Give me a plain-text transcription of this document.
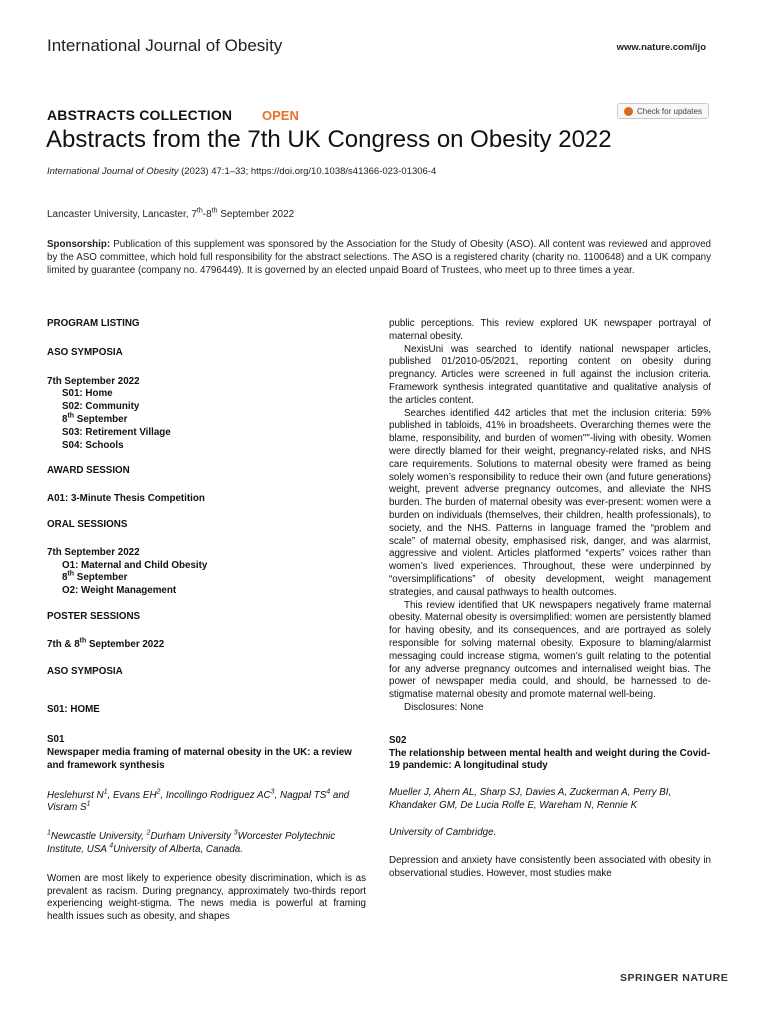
International Journal of Obesity	www.nature.com/ijo
ABSTRACTS COLLECTION OPEN	Check for updates
Abstracts from the 7th UK Congress on Obesity 2022
International Journal of Obesity (2023) 47:1–33; https://doi.org/10.1038/s41366-023-01306-4
Lancaster University, Lancaster, 7th-8th September 2022
Sponsorship: Publication of this supplement was sponsored by the Association for the Study of Obesity (ASO). All content was reviewed and approved by the ASO committee, which hold full responsibility for the abstract selections. The ASO is a registered charity (charity no. 1100648) and a UK company limited by guarantee (company no. 4796449). It is governed by an elected unpaid Board of Trustees, who meet up to three times a year.
PROGRAM LISTING
ASO SYMPOSIA
7th September 2022
S01: Home
S02: Community
8th September
S03: Retirement Village
S04: Schools
AWARD SESSION
A01: 3-Minute Thesis Competition
ORAL SESSIONS
7th September 2022
O1: Maternal and Child Obesity
8th September
O2: Weight Management
POSTER SESSIONS
7th & 8th September 2022
ASO SYMPOSIA
S01: HOME
S01
Newspaper media framing of maternal obesity in the UK: a review and framework synthesis
Heslehurst $N^1$, Evans $EH^2$, Incollingo Rodriguez $AC^3$, Nagpal $TS^4$ and Visram $S^1$
$^1$Newcastle University, $^2$Durham University $^3$Worcester Polytechnic Institute, USA $^4$University of Alberta, Canada.

Women are most likely to experience obesity discrimination, which is as prevalent as racism. During pregnancy, approximately two-thirds report experiencing weight-stigma. The news media is powerful at framing health issues such as obesity, and shapes

public perceptions. This review explored UK newspaper portrayal of maternal obesity.

NexisUni was searched to identify national newspaper articles, published 01/2010-05/2021, reporting content on obesity during pregnancy. Articles were screened in full against the inclusion criteria. Framework synthesis integrated quantitative and qualitative analysis of the articles content.

Searches identified 442 articles that met the inclusion criteria: 59% published in tabloids, 41% in broadsheets. Overarching themes were the blame, responsibility, and burden of women""-living with obesity. Women were directly blamed for their weight, pregnancy-related risks, and NHS care requirements. Solutions to maternal obesity were framed as being solely women’s responsibility to reduce their own (and future generations) weight, prevent adverse pregnancy outcomes, and alleviate the NHS burden. The burden of maternal obesity was ever-present: women were a burden on individuals (themselves, their children, health professionals), to society, and the NHS. Patterns in language framed the “problem and scale” of maternal obesity, emphasised risk, danger, and was alarmist, aggressive and violent. Articles platformed “experts” voices rather than women’s lived experiences. Throughout, these were underpinned by “oversimplifications” of obesity development, weight management strategies, and causal pathways to health outcomes.

This review identified that UK newspapers negatively frame maternal obesity. Maternal obesity is oversimplified: women are persistently blamed for having obesity, and its consequences, and are portrayed as solely responsible for solving maternal obesity. Exposure to blaming/alarmist messaging could increase stigma, women’s guilt relating to the potential for any adverse pregnancy outcomes and internalised weight bias. The power of newspaper media could, and should, be harnessed to de-stigmatise maternal obesity and promote maternal well-being.

Disclosures: None

S02
The relationship between mental health and weight during the Covid-19 pandemic: A longitudinal study
Mueller J, Ahern AL, Sharp SJ, Davies A, Zuckerman A, Perry BI, Khandaker GM, De Lucia Rolfe E, Wareham N, Rennie K
University of Cambridge.

Depression and anxiety have consistently been associated with obesity in observational studies. However, most studies make

SPRINGER NATURE
